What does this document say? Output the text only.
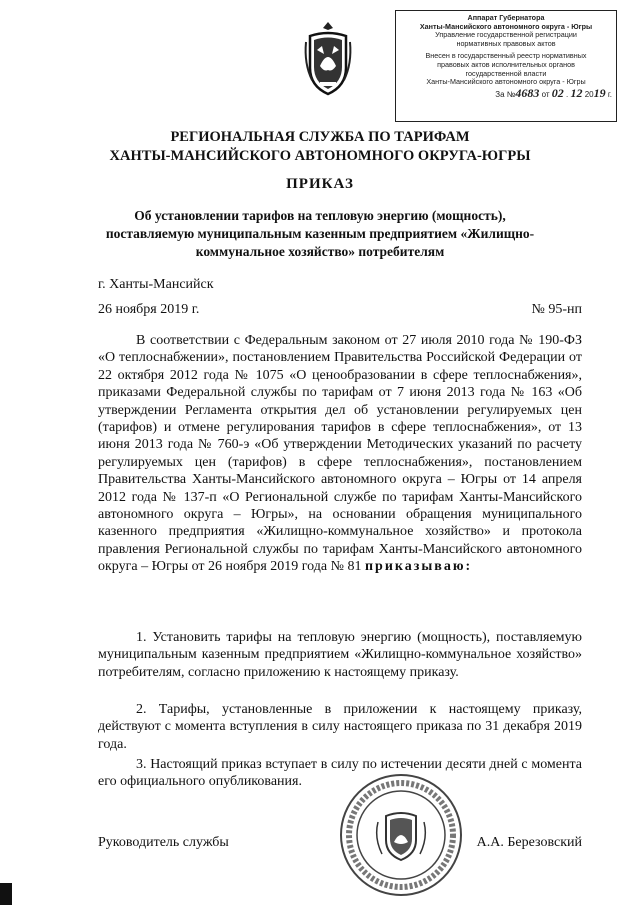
Аппарат Губернатора
Ханты-Мансийского автономного округа - Югры
Управление государственной регистрации
нормативных правовых актов
Внесен в государственный реестр нормативных
правовых актов исполнительных органов
государственной власти
Ханты-Мансийского автономного округа - Югры
За №4683 от 02 . 12 2019 г.
РЕГИОНАЛЬНАЯ СЛУЖБА ПО ТАРИФАМ
ХАНТЫ-МАНСИЙСКОГО АВТОНОМНОГО ОКРУГА-ЮГРЫ
ПРИКАЗ
Об установлении тарифов на тепловую энергию (мощность), поставляемую муниципальным казенным предприятием «Жилищно-коммунальное хозяйство» потребителям
г. Ханты-Мансийск
26 ноября 2019 г.	№ 95-нп
В соответствии с Федеральным законом от 27 июля 2010 года № 190-ФЗ «О теплоснабжении», постановлением Правительства Российской Федерации от 22 октября 2012 года № 1075 «О ценообразовании в сфере теплоснабжения», приказами Федеральной службы по тарифам от 7 июня 2013 года № 163 «Об утверждении Регламента открытия дел об установлении регулируемых цен (тарифов) и отмене регулирования тарифов в сфере теплоснабжения», от 13 июня 2013 года № 760-э «Об утверждении Методических указаний по расчету регулируемых цен (тарифов) в сфере теплоснабжения», постановлением Правительства Ханты-Мансийского автономного округа – Югры от 14 апреля 2012 года № 137-п «О Региональной службе по тарифам Ханты-Мансийского автономного округа – Югры», на основании обращения муниципального казенного предприятия «Жилищно-коммунальное хозяйство» и протокола правления Региональной службы по тарифам Ханты-Мансийского автономного округа – Югры от 26 ноября 2019 года № 81 приказываю:
1. Установить тарифы на тепловую энергию (мощность), поставляемую муниципальным казенным предприятием «Жилищно-коммунальное хозяйство» потребителям, согласно приложению к настоящему приказу.
2. Тарифы, установленные в приложении к настоящему приказу, действуют с момента вступления в силу настоящего приказа по 31 декабря 2019 года.
3. Настоящий приказ вступает в силу по истечении десяти дней с момента его официального опубликования.
Руководитель службы	А.А. Березовский
